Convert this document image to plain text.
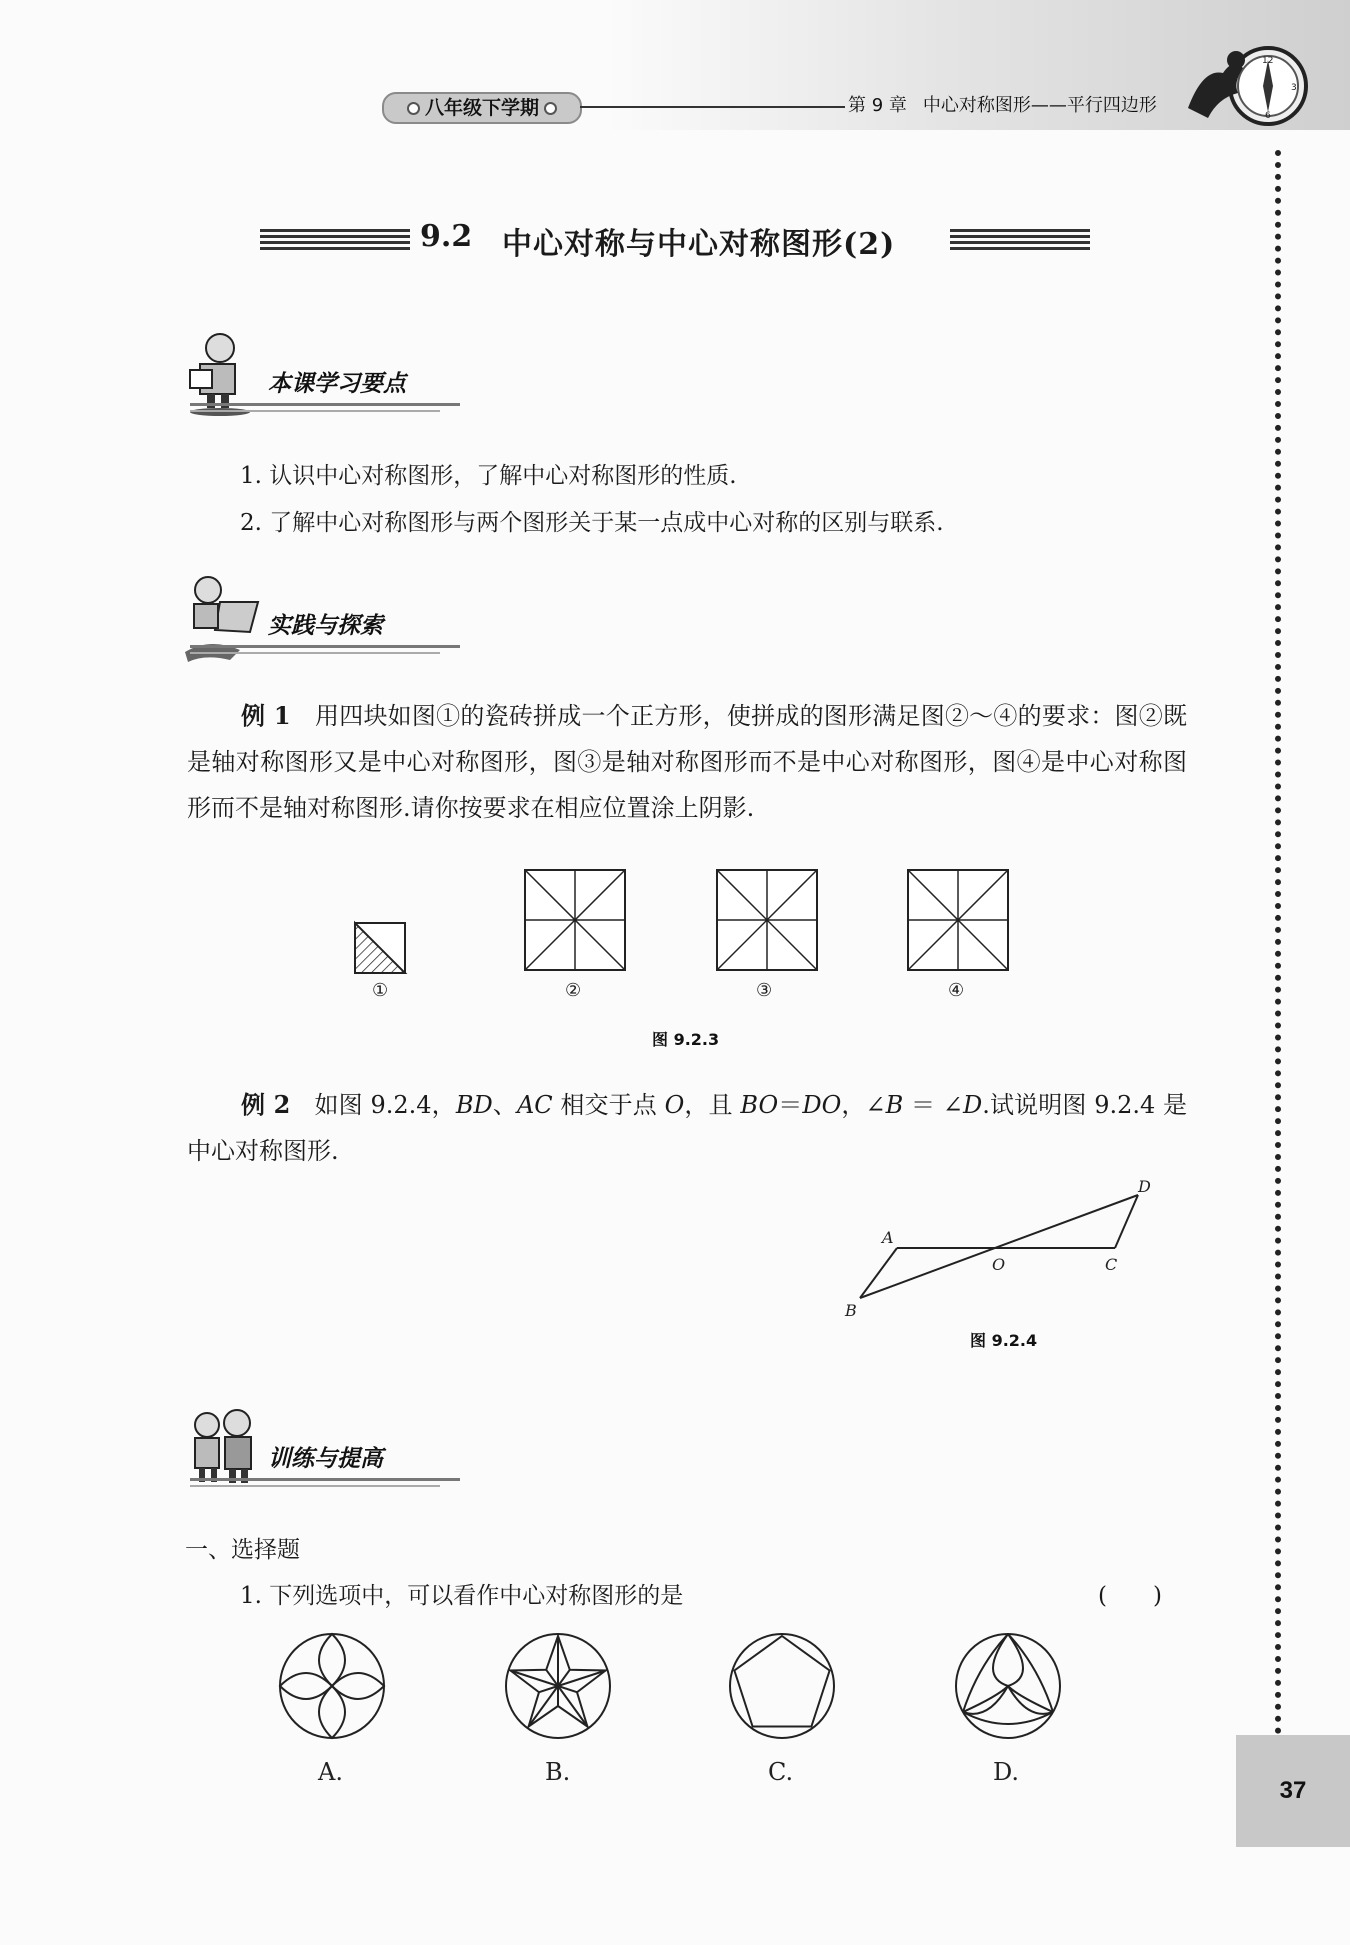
八年级下学期	第 9 章 中心对称图形——平行四边形
12
3
6
37
9.2 中心对称与中心对称图形(2)
本课学习要点
1. 认识中心对称图形，了解中心对称图形的性质.
2. 了解中心对称图形与两个图形关于某一点成中心对称的区别与联系.
实践与探索
例 1　 用四块如图①的瓷砖拼成一个正方形，使拼成的图形满足图②～④的要求：图②既是轴对称图形又是中心对称图形，图③是轴对称图形而不是中心对称图形，图④是中心对称图形而不是轴对称图形.请你按要求在相应位置涂上阴影.
①	②	③	④
图 9.2.3
例 2　 如图 9.2.4，BD、AC 相交于点 O，且 BO＝DO，∠B ＝ ∠D.试说明图 9.2.4 是中心对称图形.
A
B
C
D
O
图 9.2.4
训练与提高
一、选择题
1. 下列选项中，可以看作中心对称图形的是	(　　)
A.	B.	C.	D.
